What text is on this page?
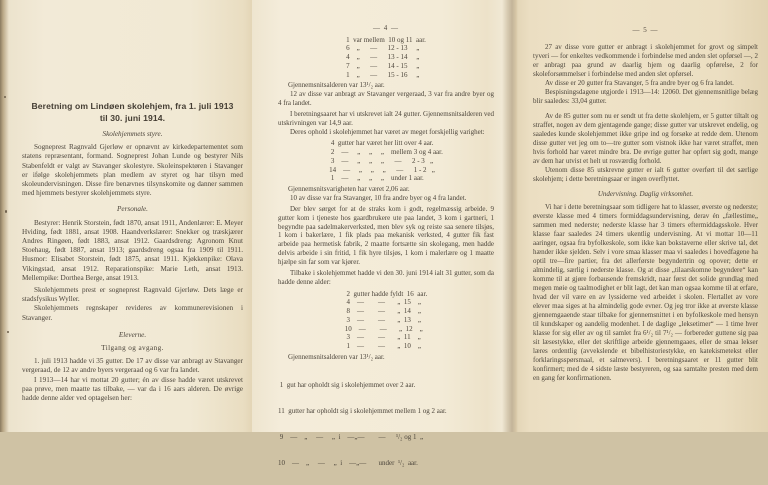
Beretning om Lindøen skolehjem, fra 1. juli 1913
til 30. juni 1914.
Skolehjemmets styre.

Sogneprest Ragnvald Gjerløw er opnævnt av kirkedepartementet som statens repræsentant, formand. Sogneprest Johan Lunde og bestyrer Nils Stabenfeldt er valgt av Stavanger skolestyre. Skoleinspektøren i Stavanger er ifølge skolehjemmets plan medlem av styret og har tilsyn med skoleundervisningen. Disse fire benævnes tilsynskomite og danner sammen med hjemmets bestyrer skolehjemmets styre.

Personale.

Bestyrer: Henrik Storstein, født 1870, ansat 1911, Andenlærer: E. Meyer Hviding, født 1881, ansat 1908. Haandverkslærer: Snekker og træskjærer Andres Ringøen, født 1883, ansat 1912. Gaardsdreng: Agronom Knut Stoehaug, født 1887, ansat 1913; gaardsdreng ogsaa fra 1909 til 1911. Husmor: Elisabet Storstein, født 1875, ansat 1911. Kjøkkenpike: Olava Vikingstad, ansat 1912. Reparationspike: Marie Leth, ansat 1913. Mellempike: Dorthea Berge, ansat 1913.

Skolehjemmets prest er sogneprest Ragnvald Gjerløw. Dets læge er stadsfysikus Wyller.

Skolehjemmets regnskaper revideres av kommunerevisionen i Stavanger.

Eleverne.
Tilgang og avgang.

1. juli 1913 hadde vi 35 gutter. De 17 av disse var anbragt av Stavanger vergeraad, de 12 av andre byers vergeraad og 6 var fra landet.

I 1913—14 har vi mottat 20 gutter; én av disse hadde været utskrevet paa prøve, men maatte tas tilbake, — var da i 16 aars alderen. De øvrige hadde denne alder ved optagelsen her:

— 4 —
1  var mellem  10 og 11  aar.
6    „      —      12 - 13     „
4    „      —      13 - 14     „
7    „      —      14 - 15     „
1    „      —      15 - 16     „

Gjennemsnitsalderen var 13¹/₂ aar.

12 av disse var anbragt av Stavanger vergeraad, 3 var fra andre byer og 4 fra landet.

I beretningsaaret har vi utskrevet ialt 24 gutter. Gjennemsnitsalderen ved utskrivningen var 14,9 aar.

Deres ophold i skolehjemmet har været av meget forskjellig varighet:

4  gutter har været her litt over 4 aar.
2    —     „     „     „    mellem 3 og 4 aar.
3    —     „     „     „      —      2 - 3   „
14    —     „     „     „      —      1 - 2   „
1    —     „     „     „    under 1 aar.

Gjennemsnitsvarigheten har været 2,06 aar.

10 av disse var fra Stavanger, 10 fra andre byer og 4 fra landet.

Der blev sørget for at de straks kom i godt, regelmæssig arbeide. 9 gutter kom i tjeneste hos gaardbrukere ute paa landet, 3 kom i gartneri, 1 begyndte paa sadelmakerverksted, men blev syk og reiste saa senere tilsjøs, 1 kom i bakerlære, 1 fik plads paa mekanisk verksted, 4 gutter fik fast arbeide paa hermetisk fabrik, 2 maatte fortsætte sin skolegang, men hadde delvis arbeide i sin fritid, 1 fik hyre tilsjøs, 1 kom i malerlære og 1 maatte hjælpe sin far som var kjører.

Tilbake i skolehjemmet hadde vi den 30. juni 1914 ialt 31 gutter, som da hadde denne alder:

2  gutter hadde fyldt  16  aar.
4    —        —       „  15    „
8    —        —       „  14    „
3    —        —       „  13    „
10    —        —       „  12    „
3    —        —       „  11    „
1    —        —       „  10    „

Gjennemsnitsalderen var 13¹/₂ aar.

1  gut har opholdt sig i skolehjemmet over 2 aar.

11  gutter har opholdt sig i skolehjemmet mellem 1 og 2 aar.

9    —    „     —     „  i    —„—        —      ¹/₂ og 1  „

10    —    „     —     „  i    —„—       under  ¹/₂  aar.

— 5 —

27 av disse vore gutter er anbragt i skolehjemmet for grovt og simpelt tyveri — for enkeltes vedkommende i forbindelse med anden slet opførsel —, 2 er anbragt paa grund av daarlig hjem og daarlig opførelse, 2 for skoleforsømmelser i forbindelse med anden slet opførsel.

Av disse er 20 gutter fra Stavanger, 5 fra andre byer og 6 fra landet.

Bespisningsdagene utgjorde i 1913—14: 12060. Det gjennemsnitlige belæg blir saaledes: 33,04 gutter.

Av de 85 gutter som nu er sendt ut fra dette skolehjem, er 5 gutter tiltalt og straffet, nogen av dem gjentagende gange; disse gutter var utskrevet endelig, og saaledes kunde skolehjemmet ikke gripe ind og forsøke at redde dem. Utenom disse gutter vet jeg om to—tre gutter som vistnok ikke har været straffet, men hvis forhold har været mindre bra. De øvrige gutter har opført sig godt, mange av dem har utvist et helt ut rosværdig forhold.

Utenom disse 85 utskrevne gutter er ialt 6 gutter overført til det særlige skolehjem; i dette beretningsaar er ingen overflyttet.

Undervisning. Daglig virksomhet.

Vi har i dette beretningsaar som tidligere hat to klasser, øverste og nederste; øverste klasse med 4 timers formiddagsundervisning, derav én „fællestime„ sammen med nederste; nederste klasse har 3 timers eftermiddagsskole. Hver klasse faar saaledes 24 timers ukentlig undervisning. At vi mottar 10—11 aaringer, ogsaa fra byfolkeskole, som ikke kan bokstaverne eller skrive tal, det hænder ikke sjelden. Selv i vore smaa klasser maa vi saaledes i hovedfagene ha optil tre—fire partier, fra det allerførste begyndertrin og opover; dette er almindelig, særlig i nederste klasse. Og at disse „tilaarskomne begyndere“ kan komme til at gjøre forbausende fremskridt, naar først det solide grundlag med megen møie og taalmodighet er blit lagt, det kan man ogsaa komme til at erfare, hvad der vil være en av lyssiderne ved arbeidet i skolen. Flertallet av vore elever maa siges at ha almindelig gode evner. Og jeg tror ikke at øverste klasse gjennemgaaende staar tilbake for gjennemsnittet i en byfolkeskole med hensyn til kundskaper og aandelig modenhet. I de daglige „leksetimer“ — 1 time hver klasse for sig eller av og til samlet fra 6¹/₂ til 7¹/₂ — forbereder guttene sig paa sit læsestykke, eller det skriftlige arbeide gjennemgaaes, eller de smaa lekser læres ordentlig (avvekslende et bibelhistoriestykke, en katekismetekst eller forklaringsspørsmaal, et salmevers). I beretningsaaret er 11 gutter blit konfirmert; med de 4 sidste læste bestyreren, og saa samtalte presten med dem en gang før konfirmationen.
